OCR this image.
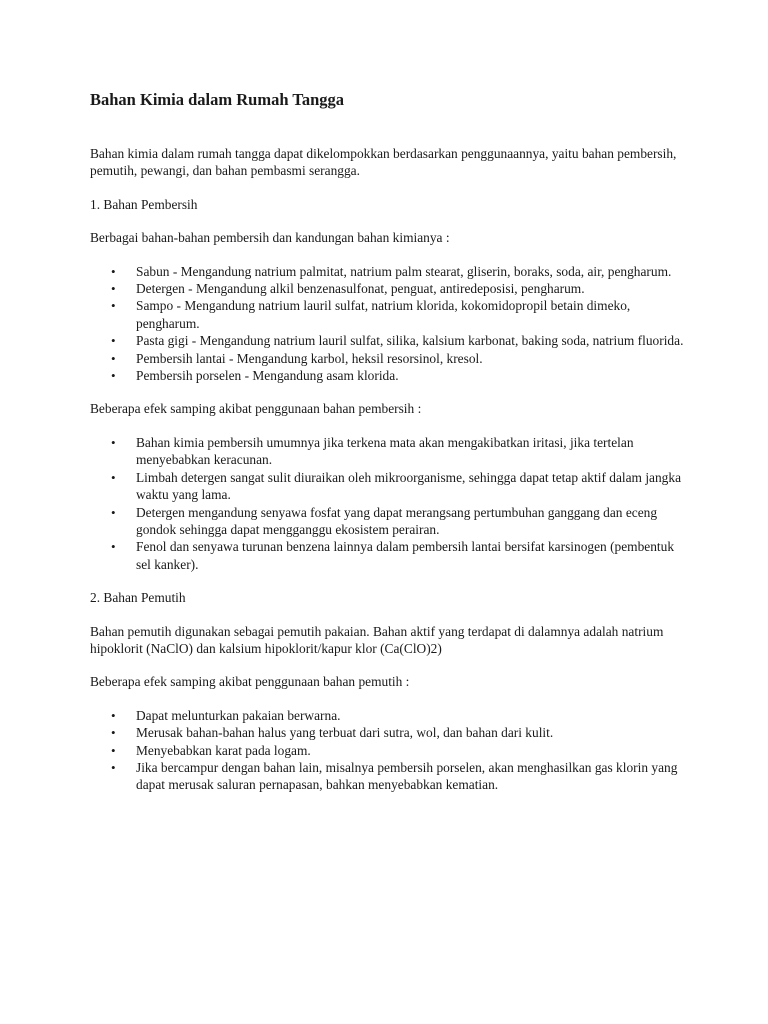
Bahan Kimia dalam Rumah Tangga

Bahan kimia dalam rumah tangga dapat dikelompokkan berdasarkan penggunaannya, yaitu bahan pembersih, pemutih, pewangi, dan bahan pembasmi serangga.

1. Bahan Pembersih

Berbagai bahan-bahan pembersih dan kandungan bahan kimianya :

• Sabun - Mengandung natrium palmitat, natrium palm stearat, gliserin, boraks, soda, air, pengharum.
• Detergen - Mengandung alkil benzenasulfonat, penguat, antiredeposisi, pengharum.
• Sampo - Mengandung natrium lauril sulfat, natrium klorida, kokomidopropil betain dimeko, pengharum.
• Pasta gigi - Mengandung natrium lauril sulfat, silika, kalsium karbonat, baking soda, natrium fluorida.
• Pembersih lantai - Mengandung karbol, heksil resorsinol, kresol.
• Pembersih porselen - Mengandung asam klorida.

Beberapa efek samping akibat penggunaan bahan pembersih :

• Bahan kimia pembersih umumnya jika terkena mata akan mengakibatkan iritasi, jika tertelan menyebabkan keracunan.
• Limbah detergen sangat sulit diuraikan oleh mikroorganisme, sehingga dapat tetap aktif dalam jangka waktu yang lama.
• Detergen mengandung senyawa fosfat yang dapat merangsang pertumbuhan ganggang dan eceng gondok sehingga dapat mengganggu ekosistem perairan.
• Fenol dan senyawa turunan benzena lainnya dalam pembersih lantai bersifat karsinogen (pembentuk sel kanker).

2. Bahan Pemutih

Bahan pemutih digunakan sebagai pemutih pakaian. Bahan aktif yang terdapat di dalamnya adalah natrium hipoklorit (NaClO) dan kalsium hipoklorit/kapur klor (Ca(ClO)2)

Beberapa efek samping akibat penggunaan bahan pemutih :

• Dapat melunturkan pakaian berwarna.
• Merusak bahan-bahan halus yang terbuat dari sutra, wol, dan bahan dari kulit.
• Menyebabkan karat pada logam.
• Jika bercampur dengan bahan lain, misalnya pembersih porselen, akan menghasilkan gas klorin yang dapat merusak saluran pernapasan, bahkan menyebabkan kematian.
